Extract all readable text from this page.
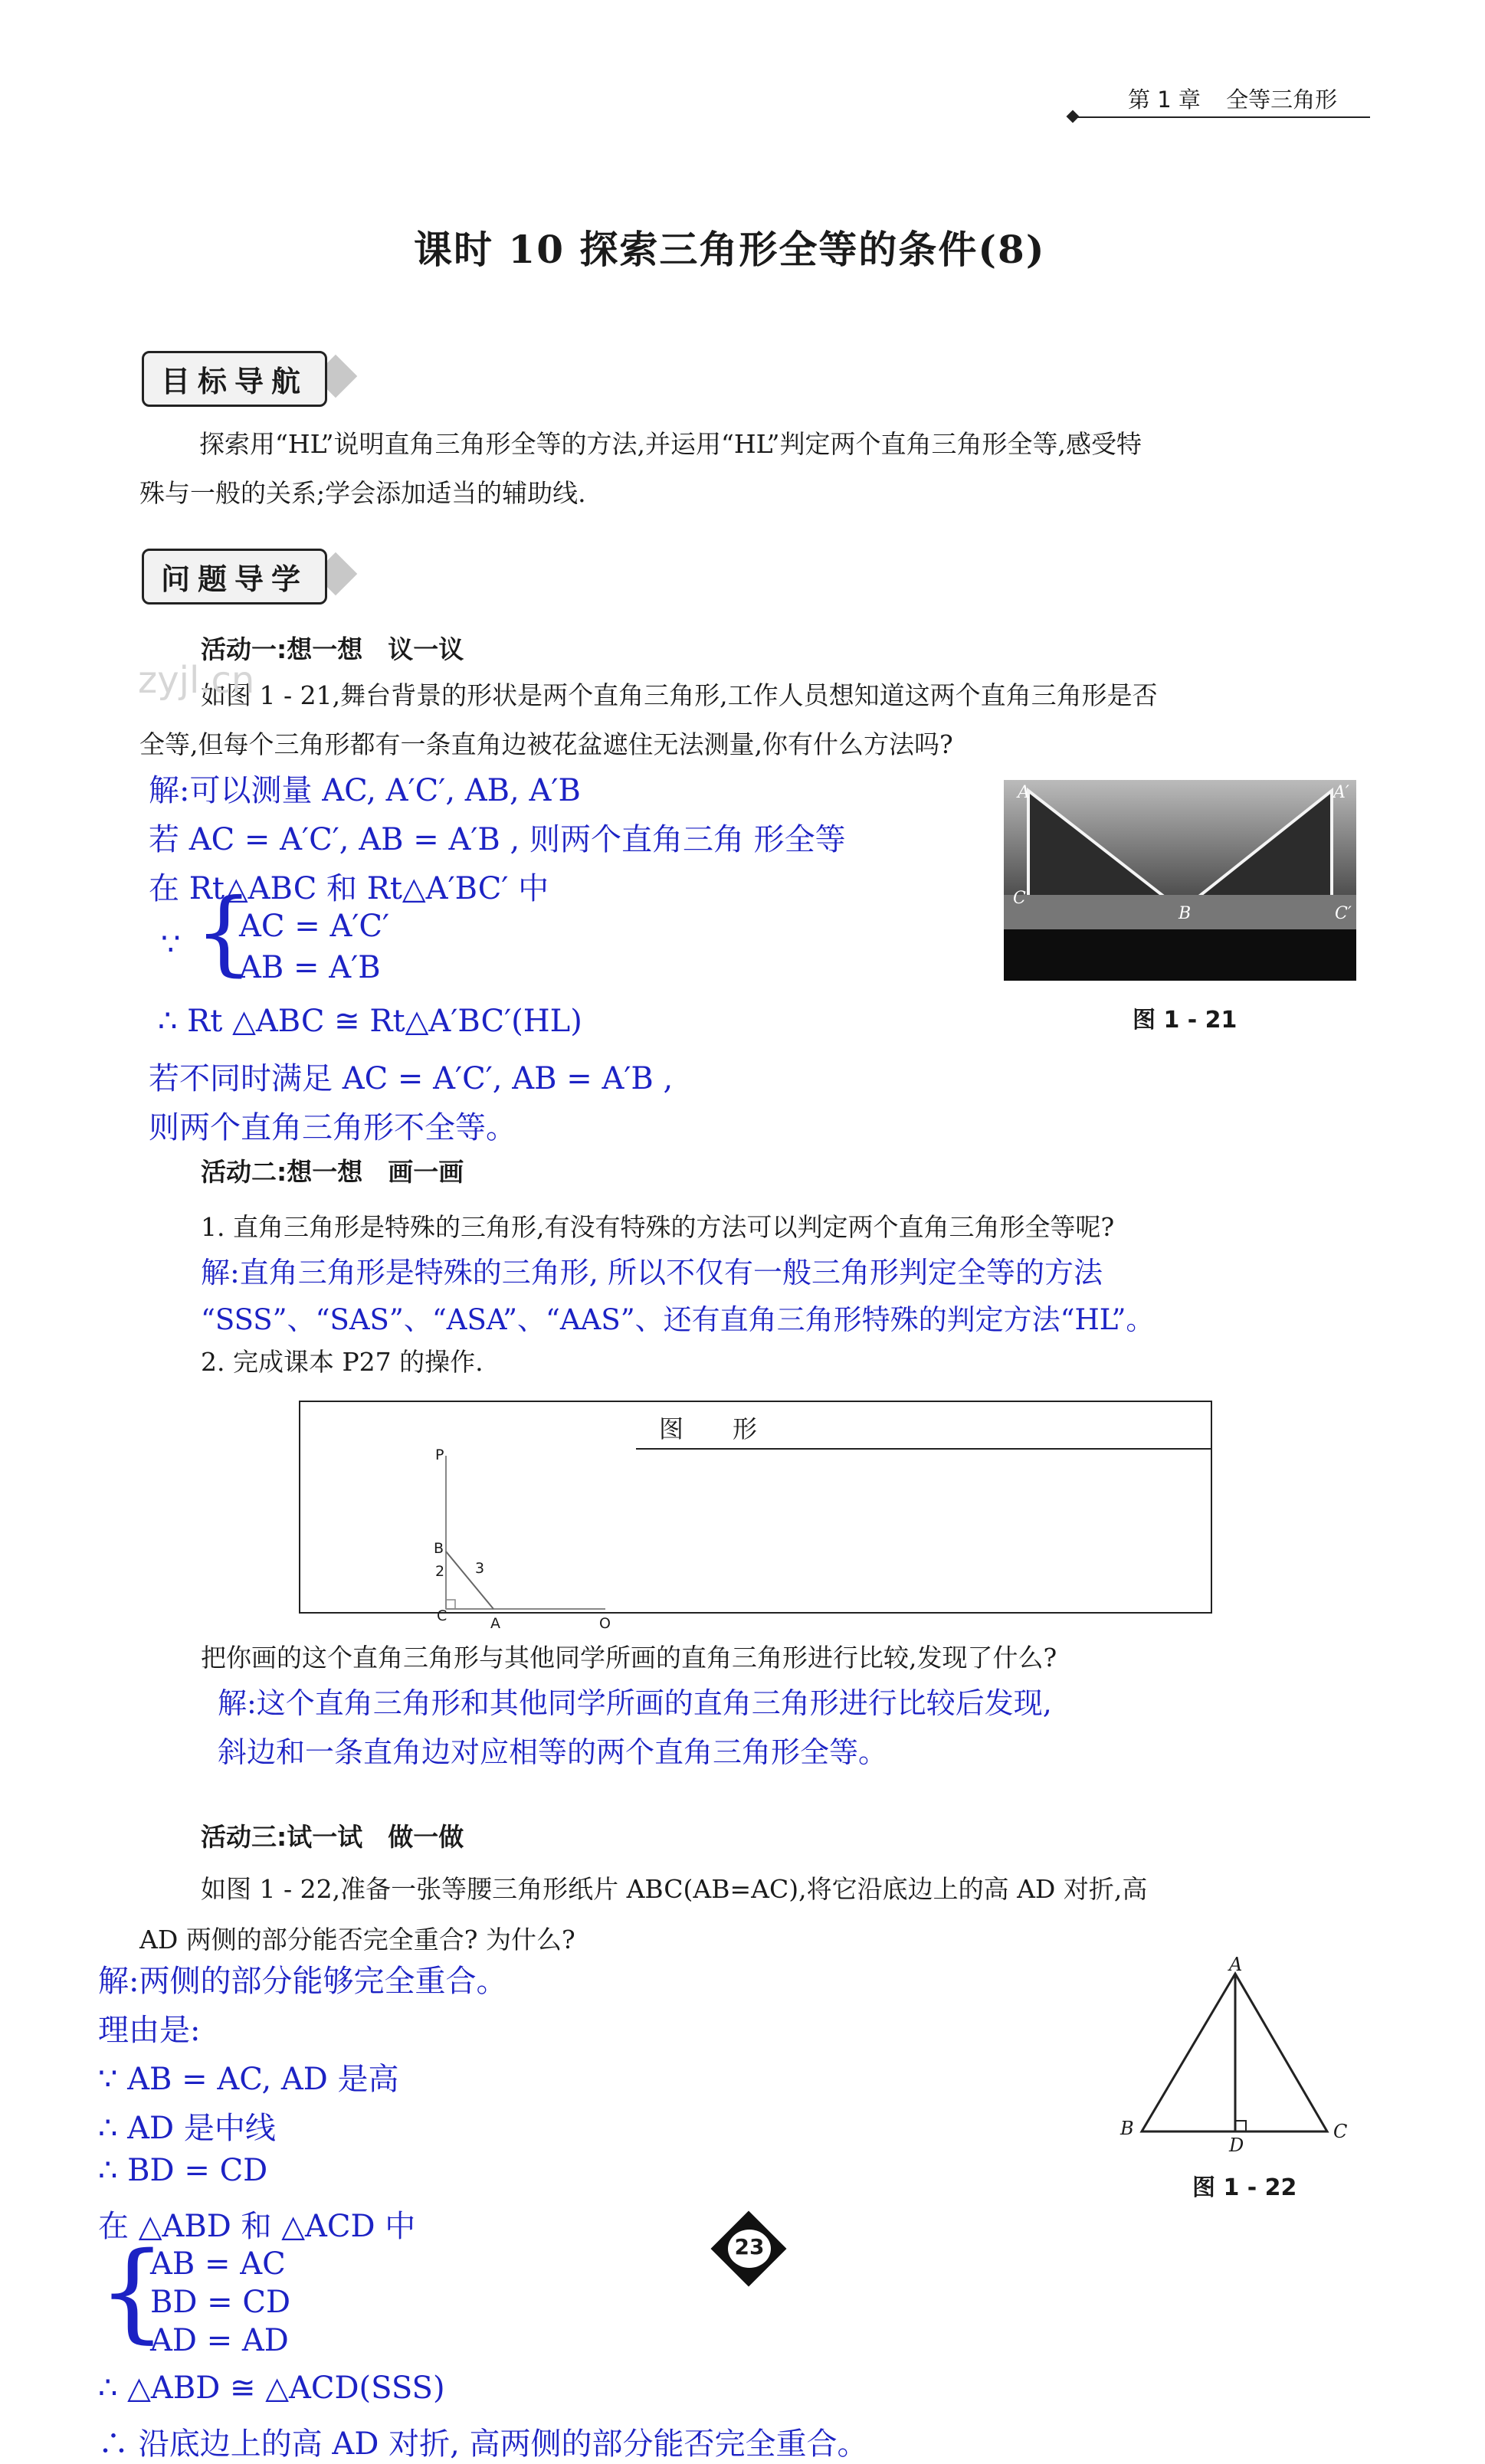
第 1 章 全等三角形
课时 10 探索三角形全等的条件(8)
目标导航
探索用“HL”说明直角三角形全等的方法,并运用“HL”判定两个直角三角形全等,感受特
殊与一般的关系;学会添加适当的辅助线.
问题导学
活动一:想一想　议一议
如图 1 - 21,舞台背景的形状是两个直角三角形,工作人员想知道这两个直角三角形是否
全等,但每个三角形都有一条直角边被花盆遮住无法测量,你有什么方法吗?
解:可以测量 AC, A′C′, AB, A′B
若 AC = A′C′, AB = A′B , 则两个直角三角 形全等
在 Rt△ABC 和 Rt△A′BC′ 中
∵ {
AC = A′C′
AB = A′B
∴ Rt △ABC ≅ Rt△A′BC′(HL)
若不同时满足 AC = A′C′, AB = A′B ,
则两个直角三角形不全等。
A	A′
C
B	C′
图 1 - 21
活动二:想一想　画一画
1. 直角三角形是特殊的三角形,有没有特殊的方法可以判定两个直角三角形全等呢?
解:直角三角形是特殊的三角形, 所以不仅有一般三角形判定全等的方法
“SSS”、“SAS”、“ASA”、“AAS”、还有直角三角形特殊的判定方法“HL”。
2. 完成课本 P27 的操作.
图　　形
P
B
2 3
C	A	O
把你画的这个直角三角形与其他同学所画的直角三角形进行比较,发现了什么?
解:这个直角三角形和其他同学所画的直角三角形进行比较后发现,
斜边和一条直角边对应相等的两个直角三角形全等。
活动三:试一试　做一做
如图 1 - 22,准备一张等腰三角形纸片 ABC(AB=AC),将它沿底边上的高 AD 对折,高
AD 两侧的部分能否完全重合? 为什么?
解:两侧的部分能够完全重合。
理由是:
∵ AB = AC, AD 是高
∴ AD 是中线
∴ BD = CD
在 △ABD 和 △ACD 中
{
AB = AC
BD = CD
AD = AD
∴ △ABD ≅ △ACD(SSS)
∴ 沿底边上的高 AD 对折, 高两侧的部分能否完全重合。
A
B
D
C
图 1 - 22
23
zyjl.cn
